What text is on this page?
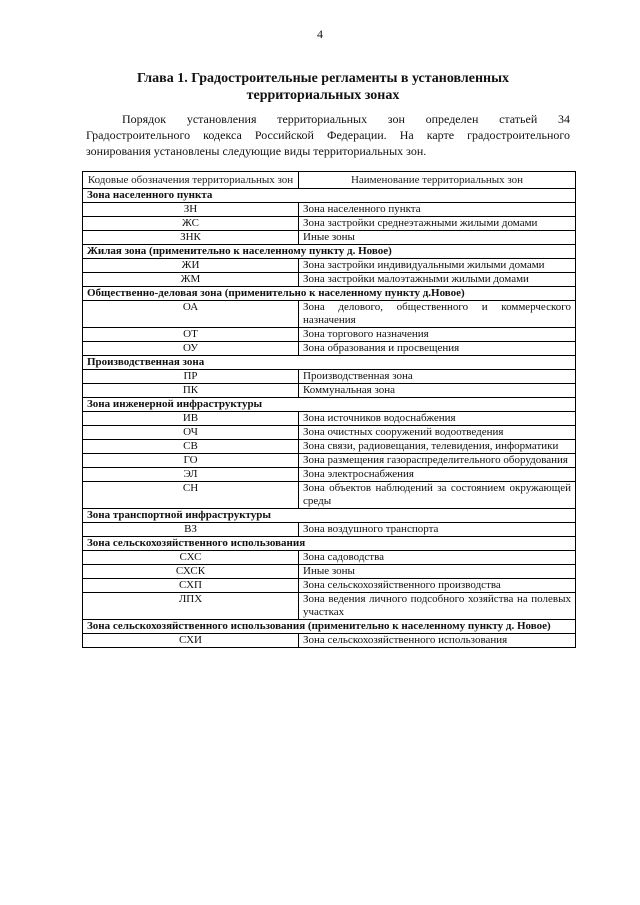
4
Глава 1. Градостроительные регламенты в установленных
территориальных зонах
Порядок установления территориальных зон определен статьей 34 Градостроительного кодекса Российской Федерации. На карте градостроительного зонирования установлены следующие виды территориальных зон.
Кодовые обозначения территориальных зон	Наименование территориальных зон
Зона населенного пункта	
ЗН	Зона населенного пункта
ЖС	Зона застройки среднеэтажными жилыми домами
ЗНК	Иные зоны
Жилая зона (применительно к населенному пункту д. Новое)	
ЖИ	Зона застройки индивидуальными жилыми домами
ЖМ	Зона застройки малоэтажными жилыми домами
Общественно-деловая зона (применительно к населенному пункту д.Новое)	
ОА	Зона делового, общественного и коммерческого назначения
ОТ	Зона торгового назначения
ОУ	Зона образования и просвещения
Производственная зона	
ПР	Производственная зона
ПК	Коммунальная зона
Зона инженерной инфраструктуры	
ИВ	Зона источников водоснабжения
ОЧ	Зона очистных сооружений водоотведения
СВ	Зона связи, радиовещания, телевидения, информатики
ГО	Зона размещения газораспределительного оборудования
ЭЛ	Зона электроснабжения
СН	Зона объектов наблюдений за состоянием окружающей среды
Зона транспортной инфраструктуры	
ВЗ	Зона воздушного транспорта
Зона сельскохозяйственного использования	
СХС	Зона садоводства
СХСК	Иные зоны
СХП	Зона сельскохозяйственного производства
ЛПХ	Зона ведения личного подсобного хозяйства на полевых участках
Зона сельскохозяйственного использования (применительно к населенному пункту д. Новое)	
СХИ	Зона сельскохозяйственного использования
